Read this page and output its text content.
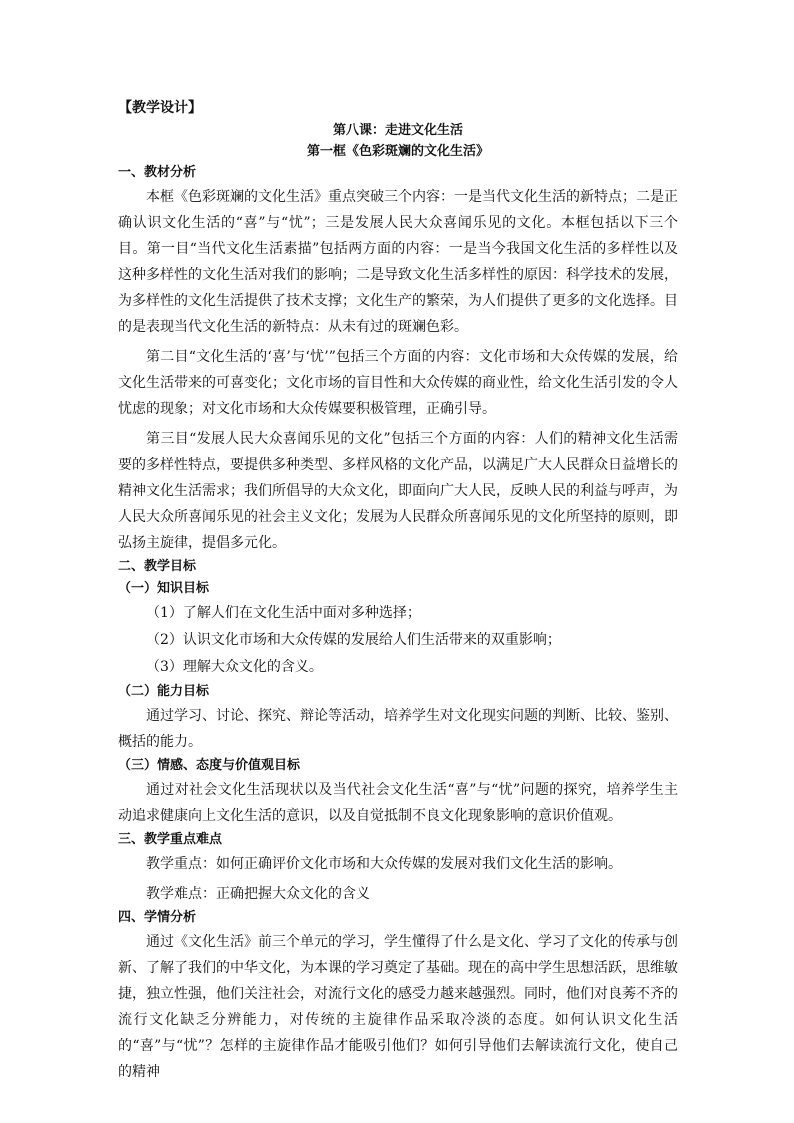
【教学设计】
第八课：走进文化生活
第一框《色彩斑斓的文化生活》
一、教材分析

本框《色彩斑斓的文化生活》重点突破三个内容：一是当代文化生活的新特点；二是正确认识文化生活的“喜”与“忧”；三是发展人民大众喜闻乐见的文化。本框包括以下三个目。第一目“当代文化生活素描”包括两方面的内容：一是当今我国文化生活的多样性以及这种多样性的文化生活对我们的影响；二是导致文化生活多样性的原因：科学技术的发展，为多样性的文化生活提供了技术支撑；文化生产的繁荣，为人们提供了更多的文化选择。目的是表现当代文化生活的新特点：从未有过的斑斓色彩。

第二目“文化生活的‘喜’与‘忧’”包括三个方面的内容：文化市场和大众传媒的发展，给文化生活带来的可喜变化；文化市场的盲目性和大众传媒的商业性，给文化生活引发的令人忧虑的现象；对文化市场和大众传媒要积极管理，正确引导。

第三目“发展人民大众喜闻乐见的文化”包括三个方面的内容：人们的精神文化生活需要的多样性特点，要提供多种类型、多样风格的文化产品，以满足广大人民群众日益增长的精神文化生活需求；我们所倡导的大众文化，即面向广大人民，反映人民的利益与呼声，为人民大众所喜闻乐见的社会主义文化；发展为人民群众所喜闻乐见的文化所坚持的原则，即弘扬主旋律，提倡多元化。

二、教学目标
（一）知识目标

（1）了解人们在文化生活中面对多种选择；

（2）认识文化市场和大众传媒的发展给人们生活带来的双重影响；

（3）理解大众文化的含义。

（二）能力目标

通过学习、讨论、探究、辩论等活动，培养学生对文化现实问题的判断、比较、鉴别、概括的能力。

（三）情感、态度与价值观目标

通过对社会文化生活现状以及当代社会文化生活“喜”与“忧”问题的探究，培养学生主动追求健康向上文化生活的意识，以及自觉抵制不良文化现象影响的意识价值观。

三、教学重点难点

教学重点：如何正确评价文化市场和大众传媒的发展对我们文化生活的影响。

教学难点：正确把握大众文化的含义

四、学情分析

通过《文化生活》前三个单元的学习，学生懂得了什么是文化、学习了文化的传承与创新、了解了我们的中华文化，为本课的学习奠定了基础。现在的高中学生思想活跃，思维敏捷，独立性强，他们关注社会，对流行文化的感受力越来越强烈。同时，他们对良莠不齐的流行文化缺乏分辨能力，对传统的主旋律作品采取冷淡的态度。如何认识文化生活的“喜”与“忧”？怎样的主旋律作品才能吸引他们？如何引导他们去解读流行文化，使自己的精神
